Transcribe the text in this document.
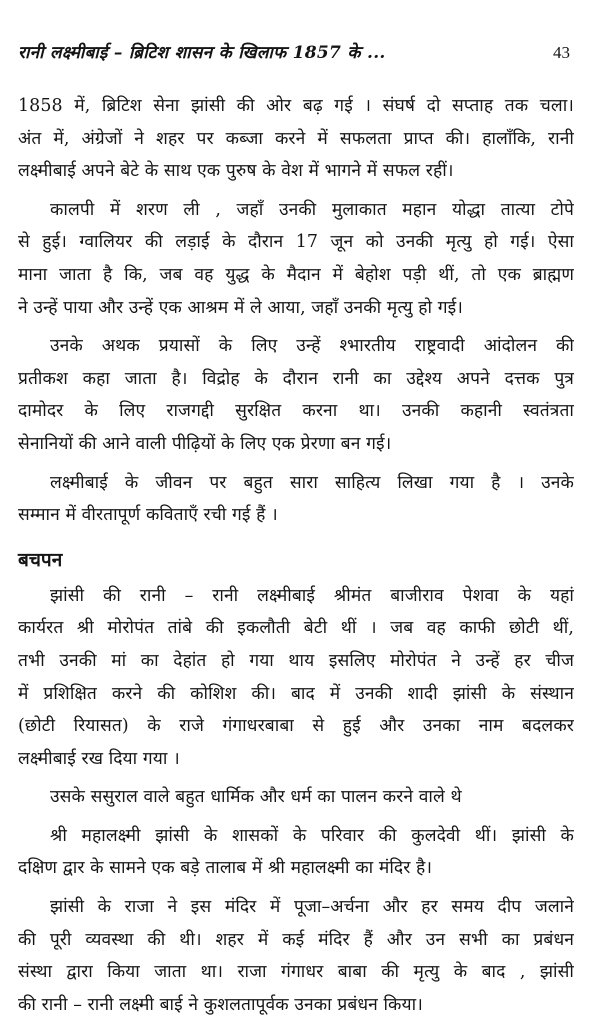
रानी लक्ष्मीबाई – ब्रिटिश शासन के खिलाफ 1857 के ...	43

1858 में, ब्रिटिश सेना झांसी की ओर बढ़ गई । संघर्ष दो सप्ताह तक चला।
अंत में, अंग्रेजों ने शहर पर कब्जा करने में सफलता प्राप्त की। हालाँकि, रानी
लक्ष्मीबाई अपने बेटे के साथ एक पुरुष के वेश में भागने में सफल रहीं।

कालपी में शरण ली , जहाँ उनकी मुलाकात महान योद्धा तात्या टोपे
से हुई। ग्वालियर की लड़ाई के दौरान 17 जून को उनकी मृत्यु हो गई। ऐसा
माना जाता है कि, जब वह युद्ध के मैदान में बेहोश पड़ी थीं, तो एक ब्राह्मण
ने उन्हें पाया और उन्हें एक आश्रम में ले आया, जहाँ उनकी मृत्यु हो गई।

उनके अथक प्रयासों के लिए उन्हें श्भारतीय राष्ट्रवादी आंदोलन की
प्रतीकश कहा जाता है। विद्रोह के दौरान रानी का उद्देश्य अपने दत्तक पुत्र
दामोदर के लिए राजगद्दी सुरक्षित करना था। उनकी कहानी स्वतंत्रता
सेनानियों की आने वाली पीढ़ियों के लिए एक प्रेरणा बन गई।

लक्ष्मीबाई के जीवन पर बहुत सारा साहित्य लिखा गया है । उनके
सम्मान में वीरतापूर्ण कविताएँ रची गई हैं ।

बचपन

झांसी की रानी – रानी लक्ष्मीबाई श्रीमंत बाजीराव पेशवा के यहां
कार्यरत श्री मोरोपंत तांबे की इकलौती बेटी थीं । जब वह काफी छोटी थीं,
तभी उनकी मां का देहांत हो गया थाय इसलिए मोरोपंत ने उन्हें हर चीज
में प्रशिक्षित करने की कोशिश की। बाद में उनकी शादी झांसी के संस्थान
(छोटी रियासत) के राजे गंगाधरबाबा से हुई और उनका नाम बदलकर
लक्ष्मीबाई रख दिया गया ।

उसके ससुराल वाले बहुत धार्मिक और धर्म का पालन करने वाले थे

श्री महालक्ष्मी झांसी के शासकों के परिवार की कुलदेवी थीं। झांसी के
दक्षिण द्वार के सामने एक बड़े तालाब में श्री महालक्ष्मी का मंदिर है।

झांसी के राजा ने इस मंदिर में पूजा–अर्चना और हर समय दीप जलाने
की पूरी व्यवस्था की थी। शहर में कई मंदिर हैं और उन सभी का प्रबंधन
संस्था द्वारा किया जाता था। राजा गंगाधर बाबा की मृत्यु के बाद , झांसी
की रानी – रानी लक्ष्मी बाई ने कुशलतापूर्वक उनका प्रबंधन किया।
